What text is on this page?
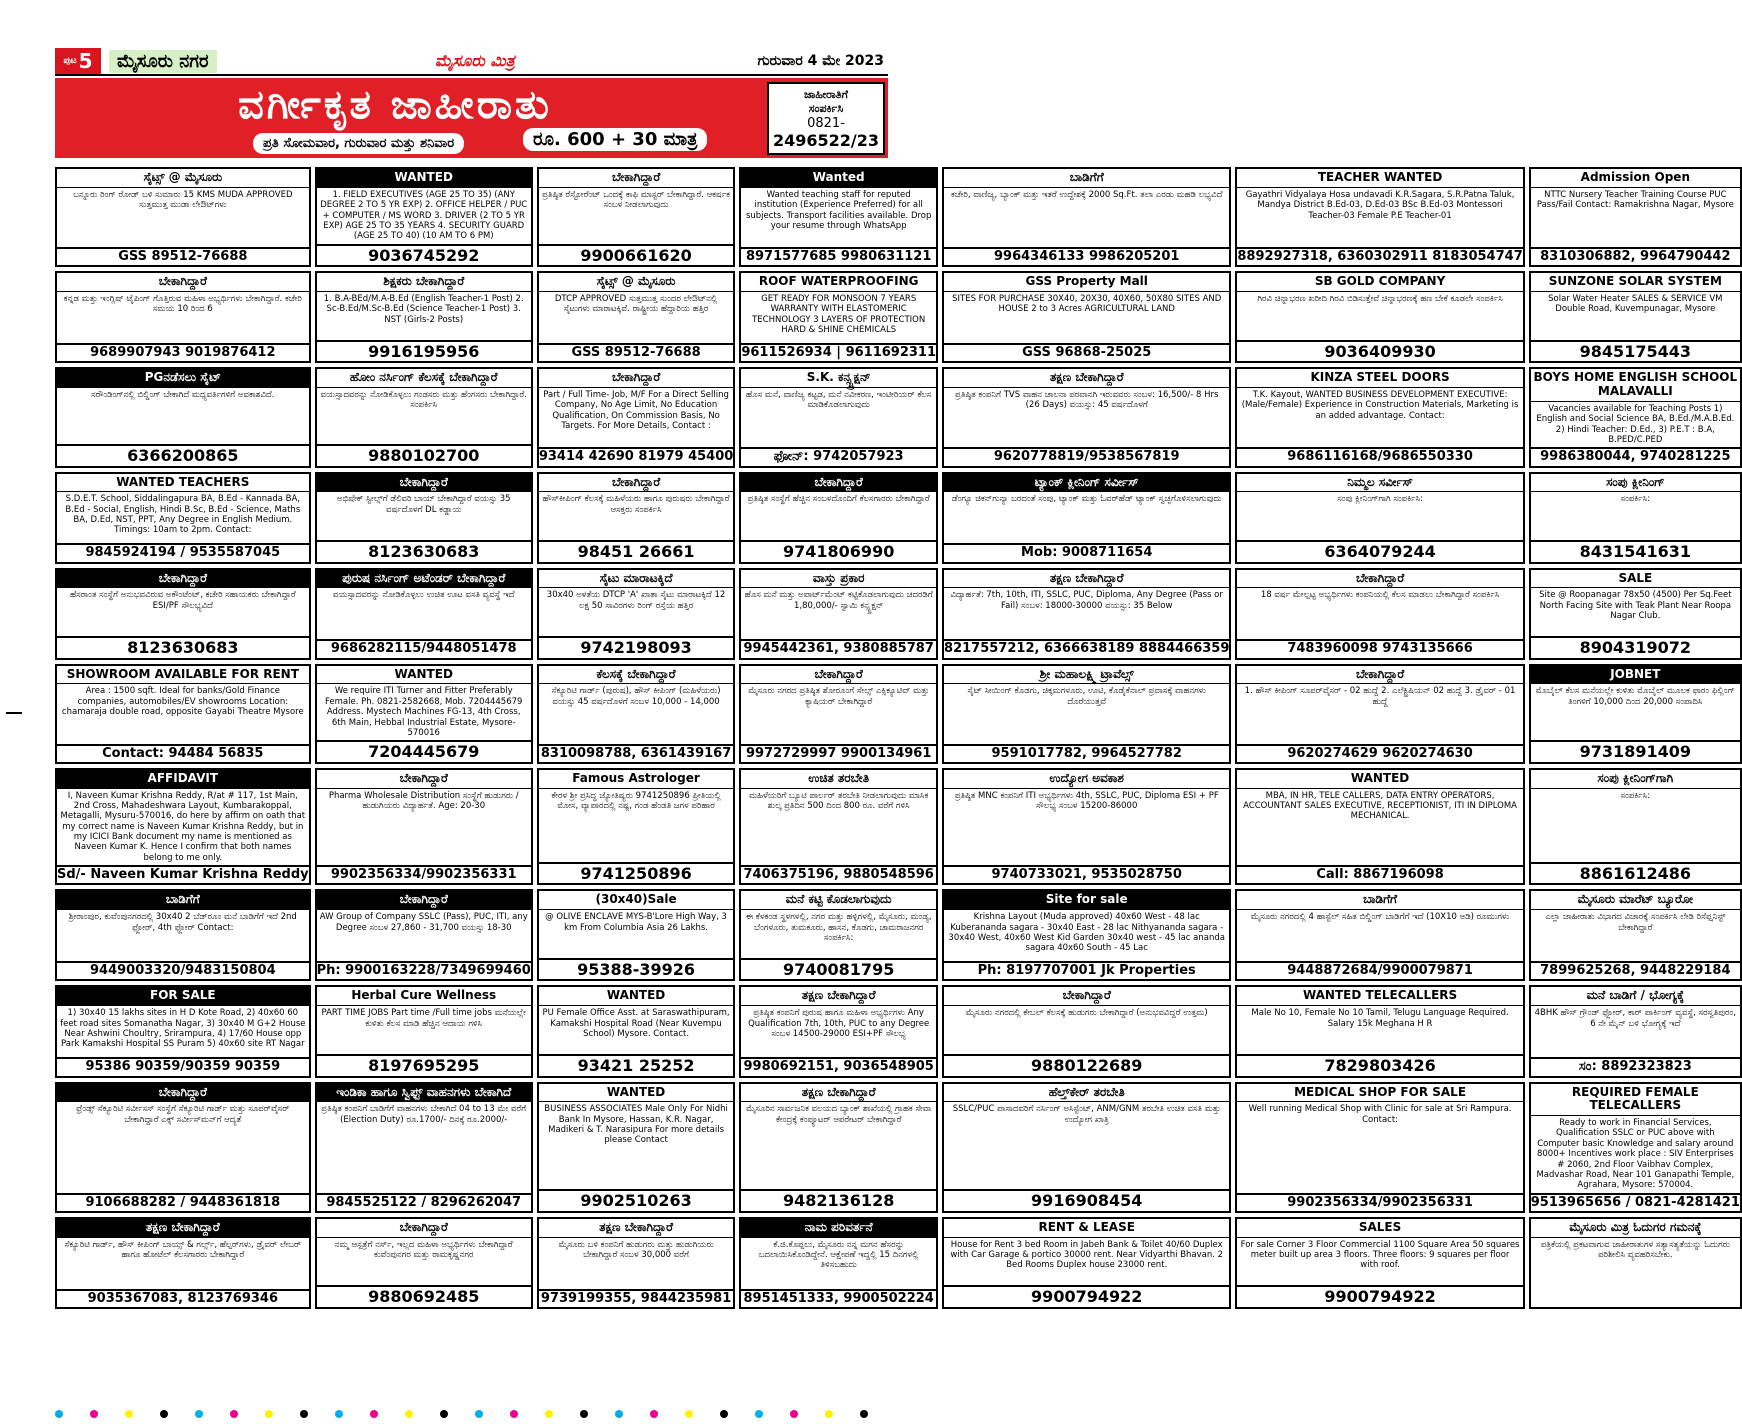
ಪುಟ 5	ಮೈಸೂರು ನಗರ	ಮೈಸೂರು ಮಿತ್ರ	ಗುರುವಾರ 4 ಮೇ 2023
ವರ್ಗೀಕೃತ ಜಾಹೀರಾತು
ಪ್ರತಿ ಸೋಮವಾರ, ಗುರುವಾರ ಮತ್ತು ಶನಿವಾರ	ರೂ. 600 + 30 ಮಾತ್ರ
ಜಾಹೀರಾತಿಗೆ
ಸಂಪರ್ಕಿಸಿ
0821-
2496522/23
ಸೈಟ್ಸ್ @ ಮೈಸೂರು
ಬನ್ನೂರು ರಿಂಗ್ ರೋಡ್ ಬಳಿ ಸುಮಾರು 15 KMS MUDA APPROVED ಸುತ್ತಮುತ್ತ ಮುಡಾ ಲೇಔಟ್‌ಗಳು
GSS 89512-76688
WANTED
1. FIELD EXECUTIVES (AGE 25 TO 35) (ANY DEGREE 2 TO 5 YR EXP) 2. OFFICE HELPER / PUC + COMPUTER / MS WORD 3. DRIVER (2 TO 5 YR EXP) AGE 25 TO 35 YEARS 4. SECURITY GUARD (AGE 25 TO 40) (10 AM TO 6 PM)
9036745292
ಬೇಕಾಗಿದ್ದಾರೆ
ಪ್ರತಿಷ್ಠಿತ ರೆಸ್ಟೋರೆಂಟ್ ಒಂದಕ್ಕೆ ಕಾಫಿ ಮಾಸ್ಟರ್ ಬೇಕಾಗಿದ್ದಾರೆ. ಆಕರ್ಷಕ ಸಂಬಳ ನೀಡಲಾಗುವುದು
9900661620
Wanted
Wanted teaching staff for reputed institution (Experience Preferred) for all subjects. Transport facilities available. Drop your resume through WhatsApp
8971577685 9980631121
ಬಾಡಿಗೆಗೆ
ಕಚೇರಿ, ವಾಣಿಜ್ಯ, ಬ್ಯಾಂಕ್ ಮತ್ತು ಇತರೆ ಉದ್ದೇಶಕ್ಕೆ 2000 Sq.Ft. ತಲಾ ಎರಡು ಮಹಡಿ ಲಭ್ಯವಿದೆ
9964346133 9986205201
TEACHER WANTED
Gayathri Vidyalaya Hosa undavadi K.R.Sagara, S.R.Patna Taluk, Mandya District B.Ed-03, D.Ed-03 BSc B.Ed-03 Montessori Teacher-03 Female P.E Teacher-01
8892927318, 6360302911 8183054747
Admission Open
NTTC Nursery Teacher Training Course PUC Pass/Fail Contact: Ramakrishna Nagar, Mysore
8310306882, 9964790442
ಬೇಕಾಗಿದ್ದಾರೆ
ಕನ್ನಡ ಮತ್ತು ಇಂಗ್ಲಿಷ್ ಟೈಪಿಂಗ್ ಗೊತ್ತಿರುವ ಮಹಿಳಾ ಅಭ್ಯರ್ಥಿಗಳು ಬೇಕಾಗಿದ್ದಾರೆ. ಕಚೇರಿ ಸಮಯ 10 ರಿಂದ 6
9689907943 9019876412
ಶಿಕ್ಷಕರು ಬೇಕಾಗಿದ್ದಾರೆ
1. B.A-BEd/M.A-B.Ed (English Teacher-1 Post) 2. Sc-B.Ed/M.Sc-B.Ed (Science Teacher-1 Post) 3. NST (Girls-2 Posts)
9916195956
ಸೈಟ್ಸ್ @ ಮೈಸೂರು
DTCP APPROVED ಸುತ್ತಮುತ್ತ ಸುಂದರ ಲೇಔಟ್‌ನಲ್ಲಿ ಸೈಟುಗಳು ಮಾರಾಟಕ್ಕಿವೆ. ರಾಷ್ಟ್ರೀಯ ಹೆದ್ದಾರಿಯ ಹತ್ತಿರ
GSS 89512-76688
ROOF WATERPROOFING
GET READY FOR MONSOON 7 YEARS WARRANTY WITH ELASTOMERIC TECHNOLOGY 3 LAYERS OF PROTECTION HARD & SHINE CHEMICALS
9611526934 | 9611692311
GSS Property Mall
SITES FOR PURCHASE 30X40, 20X30, 40X60, 50X80 SITES AND HOUSE 2 to 3 Acres AGRICULTURAL LAND
GSS 96868-25025
SB GOLD COMPANY
ಗಿರವಿ ಚಿನ್ನಾಭರಣ ಖರೀದಿ ಗಿರವಿ ಬಿಡಿಸುತ್ತೇವೆ ಚಿನ್ನಾಭರಣಕ್ಕೆ ಹಣ ಬೇಕೆ ಕೂಡಲೇ ಸಂಪರ್ಕಿಸಿ
9036409930
SUNZONE SOLAR SYSTEM
Solar Water Heater SALES & SERVICE VM Double Road, Kuvempunagar, Mysore
9845175443
PGನಡೆಸಲು ಸೈಟ್
ಸರೌಂಡಿಂಗ್‌ನಲ್ಲಿ ಬಿಲ್ಡಿಂಗ್ ಬೇಕಾಗಿದೆ ಮಧ್ಯವರ್ತಿಗಳಿಗೆ ಅವಕಾಶವಿದೆ.
6366200865
ಹೋಂ ನರ್ಸಿಂಗ್ ಕೆಲಸಕ್ಕೆ ಬೇಕಾಗಿದ್ದಾರೆ
ವಯಸ್ಸಾದವರನ್ನು ನೋಡಿಕೊಳ್ಳಲು ಗಂಡಸರು ಮತ್ತು ಹೆಂಗಸರು ಬೇಕಾಗಿದ್ದಾರೆ. ಸಂಪರ್ಕಿಸಿ
9880102700
ಬೇಕಾಗಿದ್ದಾರೆ
Part / Full Time- Job, M/F For a Direct Selling Company, No Age Limit, No Education Qualification, On Commission Basis, No Targets. For More Details, Contact :
93414 42690 81979 45400
S.K. ಕನ್ಸ್ಟ್ರಕ್ಷನ್
ಹೊಸ ಮನೆ, ವಾಣಿಜ್ಯ ಕಟ್ಟಡ, ಮನೆ ನವೀಕರಣ, ಇಂಟೀರಿಯರ್ ಕೆಲಸ ಮಾಡಿಕೊಡಲಾಗುವುದು
ಫೋನ್: 9742057923
ತಕ್ಷಣ ಬೇಕಾಗಿದ್ದಾರೆ
ಪ್ರತಿಷ್ಠಿತ ಕಂಪನಿಗೆ TVS ವಾಹನ ಚಾಲನಾ ಪರವಾನಗಿ ಇರುವವರು ಸಂಬಳ: 16,500/- 8 Hrs (26 Days) ವಯಸ್ಸು: 45 ವರ್ಷದೊಳಗೆ
9620778819/9538567819
KINZA STEEL DOORS
T.K. Kayout, WANTED BUSINESS DEVELOPMENT EXECUTIVE: (Male/Female) Experience in Construction Materials, Marketing is an added advantage. Contact:
9686116168/9686550330
BOYS HOME ENGLISH SCHOOL MALAVALLI
Vacancies available for Teaching Posts 1) English and Social Science BA, B.Ed./M.A.B.Ed. 2) Hindi Teacher: D.Ed., 3) P.E.T : B.A, B.PED/C.PED
9986380044, 9740281225
WANTED TEACHERS
S.D.E.T. School, Siddalingapura BA, B.Ed - Kannada BA, B.Ed - Social, English, Hindi B.Sc, B.Ed - Science, Maths BA, D.Ed, NST, PPT, Any Degree in English Medium. Timings: 10am to 2pm. Contact:
9845924194 / 9535587045
ಬೇಕಾಗಿದ್ದಾರೆ
ಅಭಿಷೇಕ್ ಸ್ಟೀಲ್ಸ್‌ಗೆ ಡೆಲಿವರಿ ಬಾಯ್ ಬೇಕಾಗಿದ್ದಾರೆ ವಯಸ್ಸು 35 ವರ್ಷದೊಳಗೆ DL ಕಡ್ಡಾಯ
8123630683
ಬೇಕಾಗಿದ್ದಾರೆ
ಹೌಸ್‌ಕೀಪಿಂಗ್ ಕೆಲಸಕ್ಕೆ ಮಹಿಳೆಯರು ಹಾಗೂ ಪುರುಷರು ಬೇಕಾಗಿದ್ದಾರೆ ಆಸಕ್ತರು ಸಂಪರ್ಕಿಸಿ
98451 26661
ಬೇಕಾಗಿದ್ದಾರೆ
ಪ್ರತಿಷ್ಠಿತ ಸಂಸ್ಥೆಗೆ ಹೆಚ್ಚಿನ ಸಂಬಳದೊಂದಿಗೆ ಕೆಲಸಗಾರರು ಬೇಕಾಗಿದ್ದಾರೆ
9741806990
ಟ್ಯಾಂಕ್ ಕ್ಲೀನಿಂಗ್ ಸರ್ವೀಸ್
ಡೆಂಗ್ಯೂ ಚಿಕನ್‌ಗುನ್ಯಾ ಬರದಂತೆ ಸಂಪು, ಟ್ಯಾಂಕ್ ಮತ್ತು ಓವರ್‌ಹೆಡ್ ಟ್ಯಾಂಕ್ ಸ್ವಚ್ಛಗೊಳಿಸಲಾಗುವುದು
Mob: 9008711654
ನಿಮ್ಮಲ ಸರ್ವೀಸ್
ಸಂಪು ಕ್ಲೀನಿಂಗ್‌ಗಾಗಿ ಸಂಪರ್ಕಿಸಿ:
6364079244
ಸಂಪು ಕ್ಲೀನಿಂಗ್
ಸಂಪರ್ಕಿಸಿ:
8431541631
ಬೇಕಾಗಿದ್ದಾರೆ
ಹೆಸರಾಂತ ಸಂಸ್ಥೆಗೆ ಅನುಭವವಿರುವ ಅಕೌಂಟೆಂಟ್, ಕಚೇರಿ ಸಹಾಯಕರು ಬೇಕಾಗಿದ್ದಾರೆ ESI/PF ಸೌಲಭ್ಯವಿದೆ
8123630683
ಪುರುಷ ನರ್ಸಿಂಗ್ ಅಟೆಂಡರ್ ಬೇಕಾಗಿದ್ದಾರೆ
ವಯಸ್ಸಾದವರನ್ನು ನೋಡಿಕೊಳ್ಳಲು ಉಚಿತ ಊಟ ವಸತಿ ವ್ಯವಸ್ಥೆ ಇದೆ
9686282115/9448051478
ಸೈಟು ಮಾರಾಟಕ್ಕಿದೆ
30x40 ಅಳತೆಯ DTCP 'A' ಖಾತಾ ಸೈಟು ಮಾರಾಟಕ್ಕಿದೆ 12 ಲಕ್ಷ 50 ಸಾವಿರಗಳು ರಿಂಗ್ ರಸ್ತೆಯ ಹತ್ತಿರ
9742198093
ವಾಸ್ತು ಪ್ರಕಾರ
ಹೊಸ ಮನೆ ಮತ್ತು ಅಪಾರ್ಟ್‌ಮೆಂಟ್ ಕಟ್ಟಿಕೊಡಲಾಗುವುದು ಚದರಡಿಗೆ 1,80,000/- ಸ್ವಾಮಿ ಕನ್ಸ್ಟ್ರಕ್ಷನ್
9945442361, 9380885787
ತಕ್ಷಣ ಬೇಕಾಗಿದ್ದಾರೆ
ವಿದ್ಯಾರ್ಹತೆ: 7th, 10th, ITI, SSLC, PUC, Diploma, Any Degree (Pass or Fail) ಸಂಬಳ: 18000-30000 ವಯಸ್ಸು: 35 Below
8217557212, 6366638189 8884466359
ಬೇಕಾಗಿದ್ದಾರೆ
18 ವರ್ಷ ಮೇಲ್ಪಟ್ಟ ಅಭ್ಯರ್ಥಿಗಳು ಕಂಪನಿಯಲ್ಲಿ ಕೆಲಸ ಮಾಡಲು ಬೇಕಾಗಿದ್ದಾರೆ ಸಂಪರ್ಕಿಸಿ
7483960098 9743135666
SALE
Site @ Roopanagar 78x50 (4500) Per Sq.Feet North Facing Site with Teak Plant Near Roopa Nagar Club.
8904319072
SHOWROOM AVAILABLE FOR RENT
Area : 1500 sqft. Ideal for banks/Gold Finance companies, automobiles/EV showrooms Location: chamaraja double road, opposite Gayabi Theatre Mysore
Contact: 94484 56835
WANTED
We require ITI Turner and Fitter Preferably Female. Ph. 0821-2582668, Mob. 7204445679 Address. Mystech Machines FG-13, 4th Cross, 6th Main, Hebbal Industrial Estate, Mysore-570016
7204445679
ಕೆಲಸಕ್ಕೆ ಬೇಕಾಗಿದ್ದಾರೆ
ಸೆಕ್ಯೂರಿಟಿ ಗಾರ್ಡ್ (ಪುರುಷ), ಹೌಸ್ ಕೀಪಿಂಗ್ (ಮಹಿಳೆಯರು) ವಯಸ್ಸು 45 ವರ್ಷದೊಳಗೆ ಸಂಬಳ 10,000 - 14,000
8310098788, 6361439167
ಬೇಕಾಗಿದ್ದಾರೆ
ಮೈಸೂರು ನಗರದ ಪ್ರತಿಷ್ಠಿತ ಶೋರೂಂಗೆ ಸೇಲ್ಸ್ ಎಕ್ಸಿಕ್ಯೂಟಿವ್ ಮತ್ತು ಕ್ಯಾಷಿಯರ್ ಬೇಕಾಗಿದ್ದಾರೆ
9972729997 9900134961
ಶ್ರೀ ಮಹಾಲಕ್ಷ್ಮಿ ಟ್ರಾವೆಲ್ಸ್
ಸೈಟ್ ಸೀಯಿಂಗ್ ಕೊಡಗು, ಚಿಕ್ಕಮಗಳೂರು, ಊಟಿ, ಕೊಡೈಕೆನಾಲ್ ಪ್ರವಾಸಕ್ಕೆ ವಾಹನಗಳು ದೊರೆಯುತ್ತವೆ
9591017782, 9964527782
ಬೇಕಾಗಿದ್ದಾರೆ
1. ಹೌಸ್ ಕೀಪಿಂಗ್ ಸೂಪರ್‌ವೈಸರ್ - 02 ಹುದ್ದೆ 2. ಎಲೆಕ್ಟ್ರಿಷಿಯನ್ 02 ಹುದ್ದೆ 3. ಡ್ರೈವರ್ - 01 ಹುದ್ದೆ
9620274629 9620274630
JOBNET
ಮೊಬೈಲ್ ಕೆಲಸ ಮನೆಯಲ್ಲೇ ಕುಳಿತು ಮೊಬೈಲ್ ಮೂಲಕ ಫಾರಂ ಫಿಲ್ಲಿಂಗ್ ತಿಂಗಳಿಗೆ 10,000 ದಿಂದ 20,000 ಸಂಪಾದಿಸಿ
9731891409
AFFIDAVIT
I, Naveen Kumar Krishna Reddy, R/at # 117, 1st Main, 2nd Cross, Mahadeshwara Layout, Kumbarakoppal, Metagalli, Mysuru-570016, do here by affirm on oath that my correct name is Naveen Kumar Krishna Reddy, but in my ICICI Bank document my name is mentioned as Naveen Kumar K. Hence I confirm that both names belong to me only.
Sd/- Naveen Kumar Krishna Reddy
ಬೇಕಾಗಿದ್ದಾರೆ
Pharma Wholesale Distribution ಸಂಸ್ಥೆಗೆ ಹುಡುಗರು / ಹುಡುಗಿಯರು ವಿದ್ಯಾರ್ಹತೆ. Age: 20-30
9902356334/9902356331
Famous Astrologer
ಕೇರಳ ಶ್ರೀ ಪ್ರಸಿದ್ಧ ಜ್ಯೋತಿಷ್ಯರು 9741250896 ಪ್ರೀತಿಯಲ್ಲಿ ಮೋಸ, ವ್ಯಾಪಾರದಲ್ಲಿ ನಷ್ಟ, ಗಂಡ ಹೆಂಡತಿ ಜಗಳ ಪರಿಹಾರ
9741250896
ಉಚಿತ ತರಬೇತಿ
ಮಹಿಳೆಯರಿಗೆ ಬ್ಯೂಟಿ ಪಾರ್ಲರ್ ತರಬೇತಿ ನೀಡಲಾಗುವುದು ಮಾಸಿಕ ಶುಲ್ಕ ಪ್ರತಿದಿನ 500 ದಿಂದ 800 ರೂ. ವರೆಗೆ ಗಳಿಸಿ
7406375196, 9880548596
ಉದ್ಯೋಗ ಅವಕಾಶ
ಪ್ರತಿಷ್ಠಿತ MNC ಕಂಪನಿಗೆ ITI ಅಭ್ಯರ್ಥಿಗಳು 4th, SSLC, PUC, Diploma ESI + PF ಸೌಲಭ್ಯ ಸಂಬಳ 15200-86000
9740733021, 9535028750
WANTED
MBA, IN HR, TELE CALLERS, DATA ENTRY OPERATORS, ACCOUNTANT SALES EXECUTIVE, RECEPTIONIST, ITI IN DIPLOMA MECHANICAL.
Call: 8867196098
ಸಂಪು ಕ್ಲೀನಿಂಗ್‌ಗಾಗಿ
ಸಂಪರ್ಕಿಸಿ:
8861612486
ಬಾಡಿಗೆಗೆ
ಶ್ರೀರಾಂಪುರ, ಕುವೆಂಪುನಗರದಲ್ಲಿ 30x40 2 ಬೆಡ್‌ರೂಂ ಮನೆ ಬಾಡಿಗೆಗೆ ಇದೆ 2nd ಫ್ಲೋರ್, 4th ಫ್ಲೋರ್ Contact:
9449003320/9483150804
ಬೇಕಾಗಿದ್ದಾರೆ
AW Group of Company SSLC (Pass), PUC, ITI, any Degree ಸಂಬಳ 27,860 - 31,700 ವಯಸ್ಸು 18-30
Ph: 9900163228/7349699460
(30x40)Sale
@ OLIVE ENCLAVE MYS-B'Lore High Way, 3 km From Columbia Asia 26 Lakhs.
95388-39926
ಮನೆ ಕಟ್ಟಿ ಕೊಡಲಾಗುವುದು
ಈ ಕೆಳಕಂಡ ಸ್ಥಳಗಳಲ್ಲಿ, ನಗರ ಮತ್ತು ಹಳ್ಳಿಗಳಲ್ಲಿ, ಮೈಸೂರು, ಮಂಡ್ಯ, ಬೆಂಗಳೂರು, ತುಮಕೂರು, ಹಾಸನ, ಕೊಡಗು, ಚಾಮರಾಜನಗರ ಸಂಪರ್ಕಿಸಿ:
9740081795
Site for sale
Krishna Layout (Muda approved) 40x60 West - 48 lac Kuberananda sagara - 30x40 East - 28 lac Nithyananda sagara - 30x40 West, 40x60 West Kid Garden 30x40 west - 45 lac ananda sagara 40x60 South - 45 Lac
Ph: 8197707001 Jk Properties
ಬಾಡಿಗೆಗೆ
ಮೈಸೂರು ನಗರದಲ್ಲಿ 4 ಹಾಸ್ಟೆಲ್ ಸಹಿತ ಬಿಲ್ಡಿಂಗ್ ಬಾಡಿಗೆಗೆ ಇದೆ (10X10 ಅಡಿ) ರೂಮುಗಳು
9448872684/9900079871
ಮೈಸೂರು ಮಾರೆಟ್ ಬ್ಯೂರೋ
ಎಲ್ಲಾ ಜಾಹೀರಾತು ವಿಭಾಗದ ವಿಚಾರಕ್ಕೆ ಸಂಪರ್ಕಿಸಿ ಲೇಡಿ ರಿಸೆಪ್ಷನಿಸ್ಟ್ ಬೇಕಾಗಿದ್ದಾರೆ
7899625268, 9448229184
FOR SALE
1) 30x40 15 lakhs sites in H D Kote Road, 2) 40x60 60 feet road sites Somanatha Nagar, 3) 30x40 M G+2 House Near Ashwini Choultry, Srirampura, 4) 17/60 House opp Park Kamakshi Hospital SS Puram 5) 40x60 site RT Nagar
95386 90359/90359 90359
Herbal Cure Wellness
PART TIME JOBS Part time /Full time jobs ಮನೆಯಲ್ಲೇ ಕುಳಿತು ಕೆಲಸ ಮಾಡಿ ಹೆಚ್ಚಿನ ಆದಾಯ ಗಳಿಸಿ
8197695295
WANTED
PU Female Office Asst. at Saraswathipuram, Kamakshi Hospital Road (Near Kuvempu School) Mysore. Contact.
93421 25252
ತಕ್ಷಣ ಬೇಕಾಗಿದ್ದಾರೆ
ಪ್ರತಿಷ್ಠಿತ ಕಂಪನಿಗೆ ಪುರುಷ ಹಾಗೂ ಮಹಿಳಾ ಅಭ್ಯರ್ಥಿಗಳು Any Qualification 7th, 10th, PUC to any Degree ಸಂಬಳ 14500-29000 ESI+PF ಸೌಲಭ್ಯ
9980692151, 9036548905
ಬೇಕಾಗಿದ್ದಾರೆ
ಮೈಸೂರು ನಗರದಲ್ಲಿ ಕೇಬಲ್ ಕೆಲಸಕ್ಕೆ ಹುಡುಗರು ಬೇಕಾಗಿದ್ದಾರೆ (ಅನುಭವವಿದ್ದರೆ ಉತ್ತಮ)
9880122689
WANTED TELECALLERS
Male No 10, Female No 10 Tamil, Telugu Language Required. Salary 15k Meghana H R
7829803426
ಮನೆ ಬಾಡಿಗೆ / ಭೋಗ್ಯಕ್ಕೆ
4BHK ಹೌಸ್ ಗ್ರೌಂಡ್ ಫ್ಲೋರ್, ಕಾರ್ ಪಾರ್ಕಿಂಗ್ ವ್ಯವಸ್ಥೆ, ಸರಸ್ವತಿಪುರಂ, 6 ನೇ ಮೈನ್ ಬಳಿ ಭೋಗ್ಯಕ್ಕೆ ಇದೆ
ಸಂ: 8892323823
ಬೇಕಾಗಿದ್ದಾರೆ
ಫ್ರೆಂಡ್ಸ್ ಸೆಕ್ಯೂರಿಟಿ ಸರ್ವೀಸಸ್ ಸಂಸ್ಥೆಗೆ ಸೆಕ್ಯೂರಿಟಿ ಗಾರ್ಡ್ ಮತ್ತು ಸೂಪರ್‌ವೈಸರ್ ಬೇಕಾಗಿದ್ದಾರೆ ಎಕ್ಸ್ ಸರ್ವೀಸ್‌ಮನ್‌ಗೆ ಆದ್ಯತೆ
9106688282 / 9448361818
ಇಂಡಿಕಾ ಹಾಗೂ ಸ್ವಿಫ್ಟ್ ವಾಹನಗಳು ಬೇಕಾಗಿದೆ
ಪ್ರತಿಷ್ಠಿತ ಕಂಪನಿಗೆ ಬಾಡಿಗೆಗೆ ವಾಹನಗಳು ಬೇಕಾಗಿದೆ 04 to 13 ಮೇ ವರೆಗೆ (Election Duty) ರೂ.1700/- ದಿನಕ್ಕೆ ರೂ.2000/-
9845525122 / 8296262047
WANTED
BUSINESS ASSOCIATES Male Only For Nidhi Bank In Mysore, Hassan, K.R. Nagar, Madikeri & T. Narasipura For more details please Contact
9902510263
ತಕ್ಷಣ ಬೇಕಾಗಿದ್ದಾರೆ
ಮೈಸೂರಿನ ಸಾರ್ವಜನಿಕ ವಲಯದ ಬ್ಯಾಂಕ್ ಶಾಖೆಯಲ್ಲಿ ಗ್ರಾಹಕ ಸೇವಾ ಕೇಂದ್ರಕ್ಕೆ ಕಂಪ್ಯೂಟರ್ ಆಪರೇಟರ್ ಬೇಕಾಗಿದ್ದಾರೆ
9482136128
ಹೆಲ್ತ್‌ಕೇರ್ ತರಬೇತಿ
SSLC/PUC ಪಾಸಾದವರಿಗೆ ನರ್ಸಿಂಗ್ ಅಸಿಸ್ಟೆಂಟ್, ANM/GNM ತರಬೇತಿ ಉಚಿತ ವಸತಿ ಮತ್ತು ಉದ್ಯೋಗ ಖಾತ್ರಿ
9916908454
MEDICAL SHOP FOR SALE
Well running Medical Shop with Clinic for sale at Sri Rampura. Contact:
9902356334/9902356331
REQUIRED FEMALE TELECALLERS
Ready to work in Financial Services, Qualification SSLC or PUC above with Computer basic Knowledge and salary around 8000+ Incentives work place : SIV Enterprises # 2060, 2nd Floor Vaibhav Complex, Madvashar Road, Near 101 Ganapathi Temple, Agrahara, Mysore: 570004.
9513965656 / 0821-4281421
ತಕ್ಷಣ ಬೇಕಾಗಿದ್ದಾರೆ
ಸೆಕ್ಯೂರಿಟಿ ಗಾರ್ಡ್, ಹೌಸ್ ಕೀಪಿಂಗ್ ಬಾಯ್ಸ್ & ಗರ್ಲ್ಸ್, ಹೆಲ್ಪರ್‌ಗಳು, ಡ್ರೈವರ್ ಲೇಬರ್ ಹಾಗೂ ಹೋಟೆಲ್ ಕೆಲಸಗಾರರು ಬೇಕಾಗಿದ್ದಾರೆ
9035367083, 8123769346
ಬೇಕಾಗಿದ್ದಾರೆ
ನಮ್ಮ ಆಸ್ಪತ್ರೆಗೆ ನರ್ಸ್, ಇಲ್ಲದ ಮಹಿಳಾ ಅಭ್ಯರ್ಥಿಗಳು ಬೇಕಾಗಿದ್ದಾರೆ ಕುವೆಂಪುನಗರ ಮತ್ತು ರಾಮಕೃಷ್ಣನಗರ
9880692485
ತಕ್ಷಣ ಬೇಕಾಗಿದ್ದಾರೆ
ಮೈಸೂರು ಬಳಿ ಕಂಪನಿಗೆ ಹುಡುಗರು ಮತ್ತು ಹುಡುಗಿಯರು ಬೇಕಾಗಿದ್ದಾರೆ ಸಂಬಳ 30,000 ವರೆಗೆ
9739199355, 9844235981
ನಾಮ ಪರಿವರ್ತನೆ
ಕೆ.ಜಿ.ಕೊಪ್ಪಲು, ಮೈಸೂರು ನನ್ನ ಮಗನ ಹೆಸರನ್ನು ಬದಲಾಯಿಸಿಕೊಂಡಿದ್ದೇನೆ. ಆಕ್ಷೇಪಣೆ ಇದ್ದಲ್ಲಿ 15 ದಿನಗಳಲ್ಲಿ ತಿಳಿಸಬಹುದು
8951451333, 9900502224
RENT & LEASE
House for Rent 3 bed Room in Jabeh Bank & Toilet 40/60 Duplex with Car Garage & portico 30000 rent. Near Vidyarthi Bhavan. 2 Bed Rooms Duplex house 23000 rent.
9900794922
SALES
For sale Corner 3 Floor Commercial 1100 Square Area 50 squares meter built up area 3 floors. Three floors: 9 squares per floor with roof.
9900794922
ಮೈಸೂರು ಮಿತ್ರ ಓದುಗರ ಗಮನಕ್ಕೆ
ಪತ್ರಿಕೆಯಲ್ಲಿ ಪ್ರಕಟವಾಗುವ ಜಾಹೀರಾತುಗಳ ಸತ್ಯಾಸತ್ಯತೆಯನ್ನು ಓದುಗರು ಪರಿಶೀಲಿಸಿ ವ್ಯವಹರಿಸಬೇಕು.
